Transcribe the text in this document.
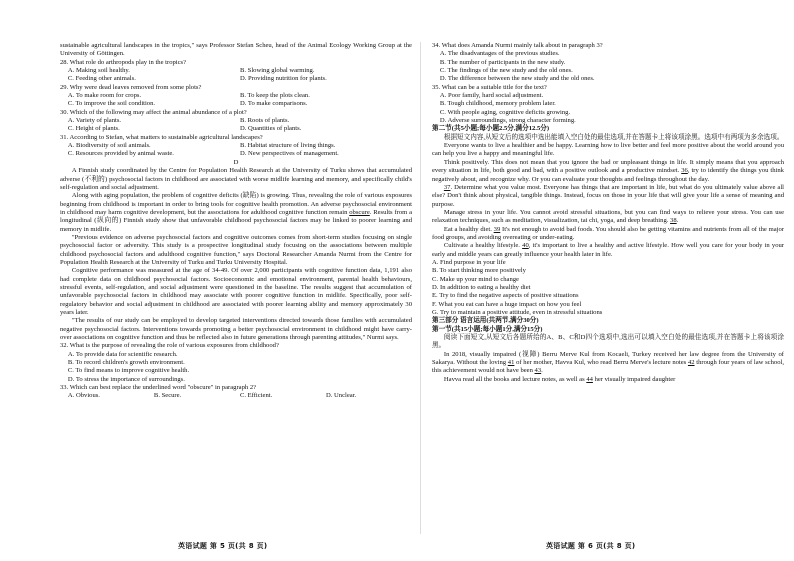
sustainable agricultural landscapes in the tropics," says Professor Stefan Scheu, head of the Animal Ecology Working Group at the University of Göttingen.

28. What role do arthropods play in the tropics?

A. Making soil healthy.	B. Slowing global warming.
C. Feeding other animals.	D. Providing nutrition for plants.

29. Why were dead leaves removed from some plots?

A. To make room for crops.	B. To keep the plots clean.
C. To improve the soil condition.	D. To make comparisons.

30. Which of the following may affect the animal abundance of a plot?

A. Variety of plants.	B. Roots of plants.
C. Height of plants.	D. Quantities of plants.

31. According to Stefan, what matters to sustainable agricultural landscapes?

A. Biodiversity of soil animals.	B. Habitat structure of living things.
C. Resources provided by animal waste.	D. New perspectives of management.

D

A Finnish study coordinated by the Centre for Population Health Research at the University of Turku shows that accumulated adverse (不利的) psychosocial factors in childhood are associated with worse midlife learning and memory, and specifically child's self-regulation and social adjustment.

Along with aging population, the problem of cognitive deficits (缺陷) is growing. Thus, revealing the role of various exposures beginning from childhood is important in order to bring tools for cognitive health promotion. An adverse psychosocial environment in childhood may harm cognitive development, but the associations for adulthood cognitive function remain obscure. Results from a longitudinal (纵向的) Finnish study show that unfavorable childhood psychosocial factors may be linked to poorer learning and memory in midlife.

"Previous evidence on adverse psychosocial factors and cognitive outcomes comes from short-term studies focusing on single psychosocial factor or adversity. This study is a prospective longitudinal study focusing on the associations between multiple childhood psychosocial factors and adulthood cognitive function," says Doctoral Researcher Amanda Nurmi from the Centre for Population Health Research at the University of Turku and Turku University Hospital.

Cognitive performance was measured at the age of 34-49. Of over 2,000 participants with cognitive function data, 1,191 also had complete data on childhood psychosocial factors. Socioeconomic and emotional environment, parental health behaviours, stressful events, self-regulation, and social adjustment were questioned in the baseline. The results suggest that accumulation of unfavorable psychosocial factors in childhood may associate with poorer cognitive function in midlife. Specifically, poor self-regulatory behavior and social adjustment in childhood are associated with poorer learning ability and memory approximately 30 years later.

"The results of our study can be employed to develop targeted interventions directed towards those families with accumulated negative psychosocial factors. Interventions towards promoting a better psychosocial environment in childhood might have carry-over associations on cognitive function and thus be reflected also in future generations through parenting attitudes," Nurmi says.

32. What is the purpose of revealing the role of various exposures from childhood?

A. To provide data for scientific research.

B. To record children's growth environment.

C. To find means to improve cognitive health.

D. To stress the importance of surroundings.

33. Which can best replace the underlined word "obscure" in paragraph 2?

A. Obvious.	B. Secure.	C. Efficient.	D. Unclear.

34. What does Amanda Nurmi mainly talk about in paragraph 3?

A. The disadvantages of the previous studies.

B. The number of participants in the new study.

C. The findings of the new study and the old ones.

D. The difference between the new study and the old ones.

35. What can be a suitable title for the text?

A. Poor family, hard social adjustment.

B. Tough childhood, memory problem later.

C. With people aging, cognitive deficits growing.

D. Adverse surroundings, strong character forming.

第二节(共5小题;每小题2.5分,满分12.5分)

根据短文内容,从短文后的选项中选出能填入空白处的最佳选项,并在答题卡上将该项涂黑。选项中有两项为多余选项。

Everyone wants to live a healthier and be happy. Learning how to live better and feel more positive about the world around you can help you live a happy and meaningful life.

Think positively. This does not mean that you ignore the bad or unpleasant things in life. It simply means that you approach every situation in life, both good and bad, with a positive outlook and a productive mindset. 36, try to identify the things you think negatively about, and recognize why. Or you can evaluate your thoughts and feelings throughout the day.

37. Determine what you value most. Everyone has things that are important in life, but what do you ultimately value above all else? Don't think about physical, tangible things. Instead, focus on those in your life that will give your life a sense of meaning and purpose.

Manage stress in your life. You cannot avoid stressful situations, but you can find ways to relieve your stress. You can use relaxation techniques, such as meditation, visualization, tai chi, yoga, and deep breathing. 38.

Eat a healthy diet. 39 It's not enough to avoid bad foods. You should also be getting vitamins and nutrients from all of the major food groups, and avoiding overeating or under-eating.

Cultivate a healthy lifestyle. 40, it's important to live a healthy and active lifestyle. How well you care for your body in your early and middle years can greatly influence your health later in life.

A. Find purpose in your life

B. To start thinking more positively

C. Make up your mind to change

D. In addition to eating a healthy diet

E. Try to find the negative aspects of positive situations

F. What you eat can have a huge impact on how you feel

G. Try to maintain a positive attitude, even in stressful situations

第三部分 语言运用(共两节,满分30分)

第一节(共15小题;每小题1分,满分15分)

阅读下面短文,从短文后各题所给的A、B、C和D四个选项中,选出可以填入空白处的最佳选项,并在答题卡上将该项涂黑。

In 2018, visually impaired (视障) Berru Merve Kul from Kocaeli, Turkey received her law degree from the University of Sakarya. Without the loving 41 of her mother, Havva Kul, who read Berru Merve's lecture notes 42 through four years of law school, this achievement would not have been 43.

Havva read all the books and lecture notes, as well as 44 her visually impaired daughter

英语试题 第 5 页(共 8 页)	英语试题 第 6 页(共 8 页)
